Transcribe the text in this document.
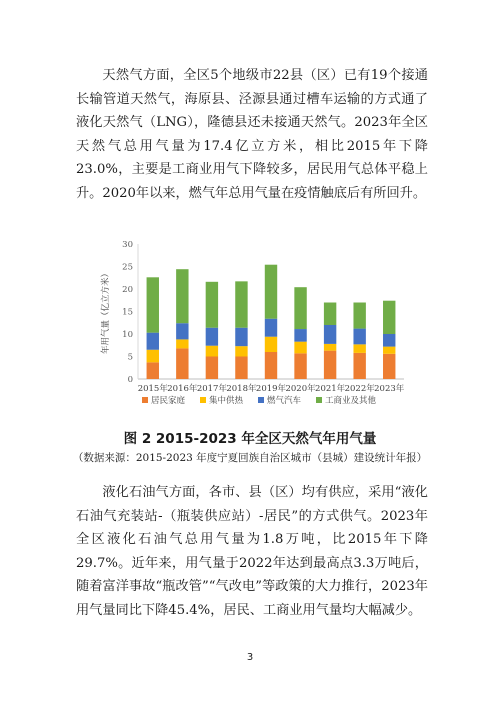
天然气方面，全区5个地级市22县（区）已有19个接通长输管道天然气，海原县、泾源县通过槽车运输的方式通了液化天然气（LNG），隆德县还未接通天然气。2023年全区天然气总用气量为17.4亿立方米，相比2015年下降23.0%，主要是工商业用气下降较多，居民用气总体平稳上升。2020年以来，燃气年总用气量在疫情触底后有所回升。

0
5
10
15
20
25
30
年用气量（亿立方米）
2015年 2016年 2017年 2018年 2019年 2020年 2021年 2022年 2023年
居民家庭	集中供热	燃气汽车	工商业及其他

图 2 2015-2023 年全区天然气年用气量

（数据来源：2015-2023 年度宁夏回族自治区城市（县城）建设统计年报）

液化石油气方面，各市、县（区）均有供应，采用“液化石油气充装站-（瓶装供应站）-居民”的方式供气。2023年全区液化石油气总用气量为1.8万吨，比2015年下降29.7%。近年来，用气量于2022年达到最高点3.3万吨后，随着富洋事故“瓶改管”“气改电”等政策的大力推行，2023年用气量同比下降45.4%，居民、工商业用气量均大幅减少。

3
